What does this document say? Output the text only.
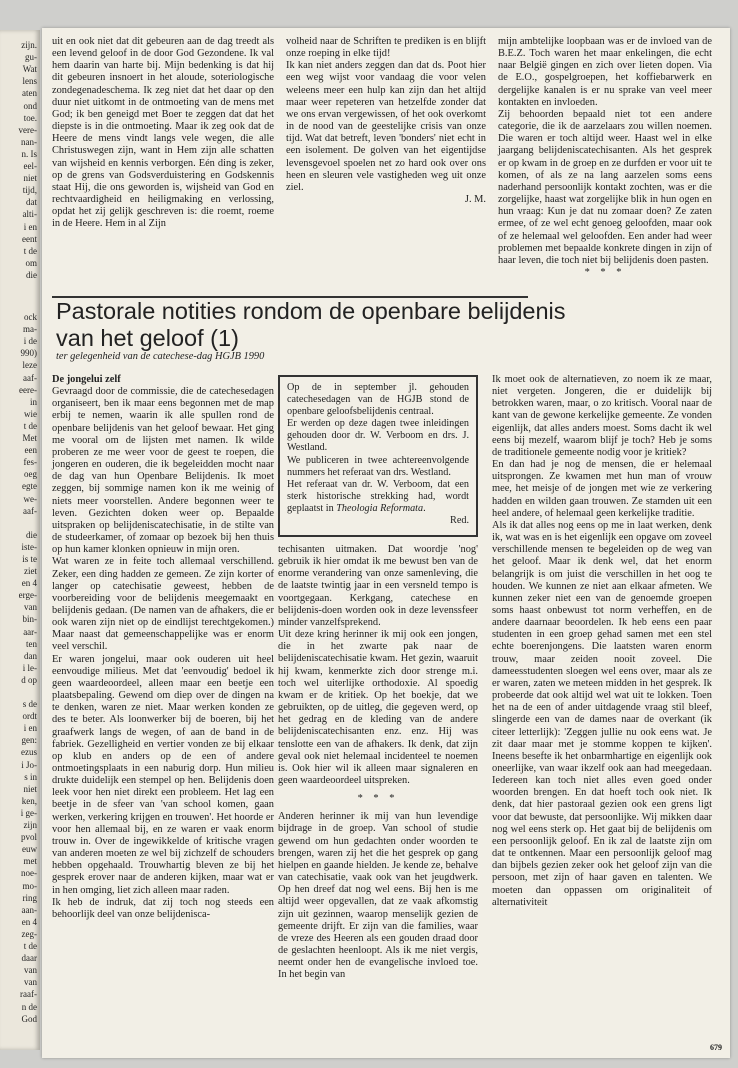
zijn.
gu-
Wat
lens
aten
ond
toe.
vere-
nan-
n. Is
eel-
niet
tijd,
dat
alti-
i en
eent
t de
om
die
ock
ma-
i de
990)
leze
aaf-
eere-
in
wie
t de
Met
een
fes-
oeg
egte
we-
aaf-
die
iste-
is te
ziet
en 4
erge-
van
bin-
aar-
ten
dan
i le-
d op
s de
ordt
i en
gen:
ezus
i Jo-
s in
niet
ken,
i ge-
zijn
pvol
euw
met
noe-
mo-
ring
aan-
en 4
zeg-
t de
daar
van
van
raaf-
n de
God

uit en ook niet dat dit gebeuren aan de dag treedt als een levend geloof in de door God Gezondene. Ik val hem daarin van harte bij. Mijn bedenking is dat hij dit gebeuren insnoert in het aloude, soteriologische zondegenadeschema. Ik zeg niet dat het daar op den duur niet uitkomt in de ontmoeting van de mens met God; ik ben geneigd met Boer te zeggen dat dat het diepste is in die ontmoeting. Maar ik zeg ook dat de Heere de mens vindt langs vele wegen, die alle Christuswegen zijn, want in Hem zijn alle schatten van wijsheid en kennis verborgen. Eén ding is zeker, op de grens van Godsverduistering en Godskennis staat Hij, die ons geworden is, wijsheid van God en rechtvaardigheid en heiligmaking en verlossing, opdat het zij gelijk geschreven is: die roemt, roeme in de Heere. Hem in al Zijn

volheid naar de Schriften te prediken is en blijft onze roeping in elke tijd!

Ik kan niet anders zeggen dan dat ds. Poot hier een weg wijst voor vandaag die voor velen weleens meer een hulp kan zijn dan het altijd maar weer repeteren van hetzelfde zonder dat we ons ervan vergewissen, of het ook overkomt in de nood van de geestelijke crisis van onze tijd. Wat dat betreft, leven 'bonders' niet echt in een isolement. De golven van het eigentijdse levensgevoel spoelen net zo hard ook over ons heen en sleuren vele vastigheden weg uit onze ziel.

J. M.

mijn ambtelijke loopbaan was er de invloed van de B.E.Z. Toch waren het maar enkelingen, die echt naar België gingen en zich over lieten dopen. Via de E.O., gospelgroepen, het koffiebarwerk en dergelijke kanalen is er nu sprake van veel meer kontakten en invloeden.

Zij behoorden bepaald niet tot een andere categorie, die ik de aarzelaars zou willen noemen. Die waren er toch altijd weer. Haast wel in elke jaargang belijdeniscatechisanten. Als het gesprek er op kwam in de groep en ze durfden er voor uit te komen, of als ze na lang aarzelen soms eens naderhand persoonlijk kontakt zochten, was er die zorgelijke, haast wat zorgelijke blik in hun ogen en hun vraag: Kun je dat nu zomaar doen? Ze zaten ermee, of ze wel echt genoeg geloofden, maar ook of ze helemaal wel geloofden. Een ander had weer problemen met bepaalde konkrete dingen in zijn of haar leven, die toch niet bij belijdenis doen pasten.

* * *

Pastorale notities rondom de openbare belijdenis van het geloof (1)
ter gelegenheid van de catechese-dag HGJB 1990

De jongelui zelf

Gevraagd door de commissie, die de catechesedagen organiseert, ben ik maar eens begonnen met de map erbij te nemen, waarin ik alle spullen rond de openbare belijdenis van het geloof bewaar. Het ging me vooral om de lijsten met namen. Ik wilde proberen ze me weer voor de geest te roepen, die jongeren en ouderen, die ik begeleidden mocht naar de dag van hun Openbare Belijdenis. Ik moet zeggen, bij sommige namen kon ik me weinig of niets meer voorstellen. Andere begonnen weer te leven. Gezichten doken weer op. Bepaalde uitspraken op belijdeniscatechisatie, in de stilte van de studeerkamer, of zomaar op bezoek bij hen thuis op hun kamer klonken opnieuw in mijn oren.
Wat waren ze in feite toch allemaal verschillend. Zeker, een ding hadden ze gemeen. Ze zijn korter of langer op catechisatie geweest, hebben de voorbereiding voor de belijdenis meegemaakt en belijdenis gedaan. (De namen van de afhakers, die er ook waren zijn niet op de eindlijst terechtgekomen.) Maar naast dat gemeenschappelijke was er enorm veel verschil.
Er waren jongelui, maar ook ouderen uit heel eenvoudige milieus. Met dat 'eenvoudig' bedoel ik geen waardeoordeel, alleen maar een beetje een plaatsbepaling. Gewend om diep over de dingen na te denken, waren ze niet. Maar werken konden ze des te beter. Als loonwerker bij de boeren, bij het graafwerk langs de wegen, of aan de band in de fabriek. Gezelligheid en vertier vonden ze bij elkaar op klub en anders op de een of andere ontmoetingsplaats in een naburig dorp. Hun milieu drukte duidelijk een stempel op hen. Belijdenis doen leek voor hen niet direkt een probleem. Het lag een beetje in de sfeer van 'van school komen, gaan werken, verkering krijgen en trouwen'. Het hoorde er voor hen allemaal bij, en ze waren er vaak enorm trouw in. Over de ingewikkelde of kritische vragen van anderen moeten ze wel bij zichzelf de schouders hebben opgehaald. Trouwhartig bleven ze bij het gesprek erover naar de anderen kijken, maar wat er in hen omging, liet zich alleen maar raden.
Ik heb de indruk, dat zij toch nog steeds een behoorlijk deel van onze belijdenisca-

Op de in september jl. gehouden catechesedagen van de HGJB stond de openbare geloofsbelijdenis centraal.

Er werden op deze dagen twee inleidingen gehouden door dr. W. Verboom en drs. J. Westland.

We publiceren in twee achtereenvolgende nummers het referaat van drs. Westland.

Het referaat van dr. W. Verboom, dat een sterk historische strekking had, wordt geplaatst in Theologia Reformata.

Red.

techisanten uitmaken. Dat woordje 'nog' gebruik ik hier omdat ik me bewust ben van de enorme verandering van onze samenleving, die de laatste twintig jaar in een versneld tempo is voortgegaan. Kerkgang, catechese en belijdenis-doen worden ook in deze levenssfeer minder vanzelfsprekend.
Uit deze kring herinner ik mij ook een jongen, die in het zwarte pak naar de belijdeniscatechisatie kwam. Het gezin, waaruit hij kwam, kenmerkte zich door strenge m.i. toch wel uiterlijke orthodoxie. Al spoedig kwam er de kritiek. Op het boekje, dat we gebruikten, op de uitleg, die gegeven werd, op het gedrag en de kleding van de andere belijdeniscatechisanten enz. enz. Hij was tenslotte een van de afhakers. Ik denk, dat zijn geval ook niet helemaal incidenteel te noemen is. Ook hier wil ik alleen maar signaleren en geen waardeoordeel uitspreken.

* * *

Anderen herinner ik mij van hun levendige bijdrage in de groep. Van school of studie gewend om hun gedachten onder woorden te brengen, waren zij het die het gesprek op gang hielpen en gaande hielden. Je kende ze, behalve van catechisatie, vaak ook van het jeugdwerk. Op hen dreef dat nog wel eens. Bij hen is me altijd weer opgevallen, dat ze vaak afkomstig zijn uit gezinnen, waarop menselijk gezien de gemeente drijft. Er zijn van die families, waar de vreze des Heeren als een gouden draad door de geslachten heenloopt. Als ik me niet vergis, neemt onder hen de evangelische invloed toe. In het begin van

Ik moet ook de alternatieven, zo noem ik ze maar, niet vergeten. Jongeren, die er duidelijk bij betrokken waren, maar, o zo kritisch. Vooral naar de kant van de gewone kerkelijke gemeente. Ze vonden eigenlijk, dat alles anders moest. Soms dacht ik wel eens bij mezelf, waarom blijf je toch? Heb je soms de traditionele gemeente nodig voor je kritiek?
En dan had je nog de mensen, die er helemaal uitsprongen. Ze kwamen met hun man of vrouw mee, het meisje of de jongen met wie ze verkering hadden en wilden gaan trouwen. Ze stamden uit een heel andere, of helemaal geen kerkelijke traditie.
Als ik dat alles nog eens op me in laat werken, denk ik, wat was en is het eigenlijk een opgave om zoveel verschillende mensen te begeleiden op de weg van het geloof. Maar ik denk wel, dat het enorm belangrijk is om juist die verschillen in het oog te houden. We kunnen ze niet aan elkaar afmeten. We kunnen zeker niet een van de genoemde groepen soms haast onbewust tot norm verheffen, en de andere daarnaar beoordelen. Ik heb eens een paar studenten in een groep gehad samen met een stel echte boerenjongens. Die laatsten waren enorm trouw, maar zeiden nooit zoveel. Die dameesstudenten sloegen wel eens over, maar als ze er waren, zaten we meteen midden in het gesprek. Ik probeerde dat ook altijd wel wat uit te lokken. Toen het na de een of ander uitdagende vraag stil bleef, slingerde een van de dames naar de overkant (ik citeer letterlijk): 'Zeggen jullie nu ook eens wat. Je zit daar maar met je stomme koppen te kijken'. Ineens besefte ik het onbarmhartige en eigenlijk ook oneerlijke, van waar ikzelf ook aan had meegedaan. Iedereen kan toch niet alles even goed onder woorden brengen. En dat hoeft toch ook niet. Ik denk, dat hier pastoraal gezien ook een grens ligt voor dat bewuste, dat persoonlijke. Wij mikken daar nog wel eens sterk op. Het gaat bij de belijdenis om een persoonlijk geloof. En ik zal de laatste zijn om dat te ontkennen. Maar een persoonlijk geloof mag dan bijbels gezien zeker ook het geloof zijn van die persoon, met zijn of haar gaven en talenten. We moeten dan oppassen om originaliteit of alternativiteit

679
